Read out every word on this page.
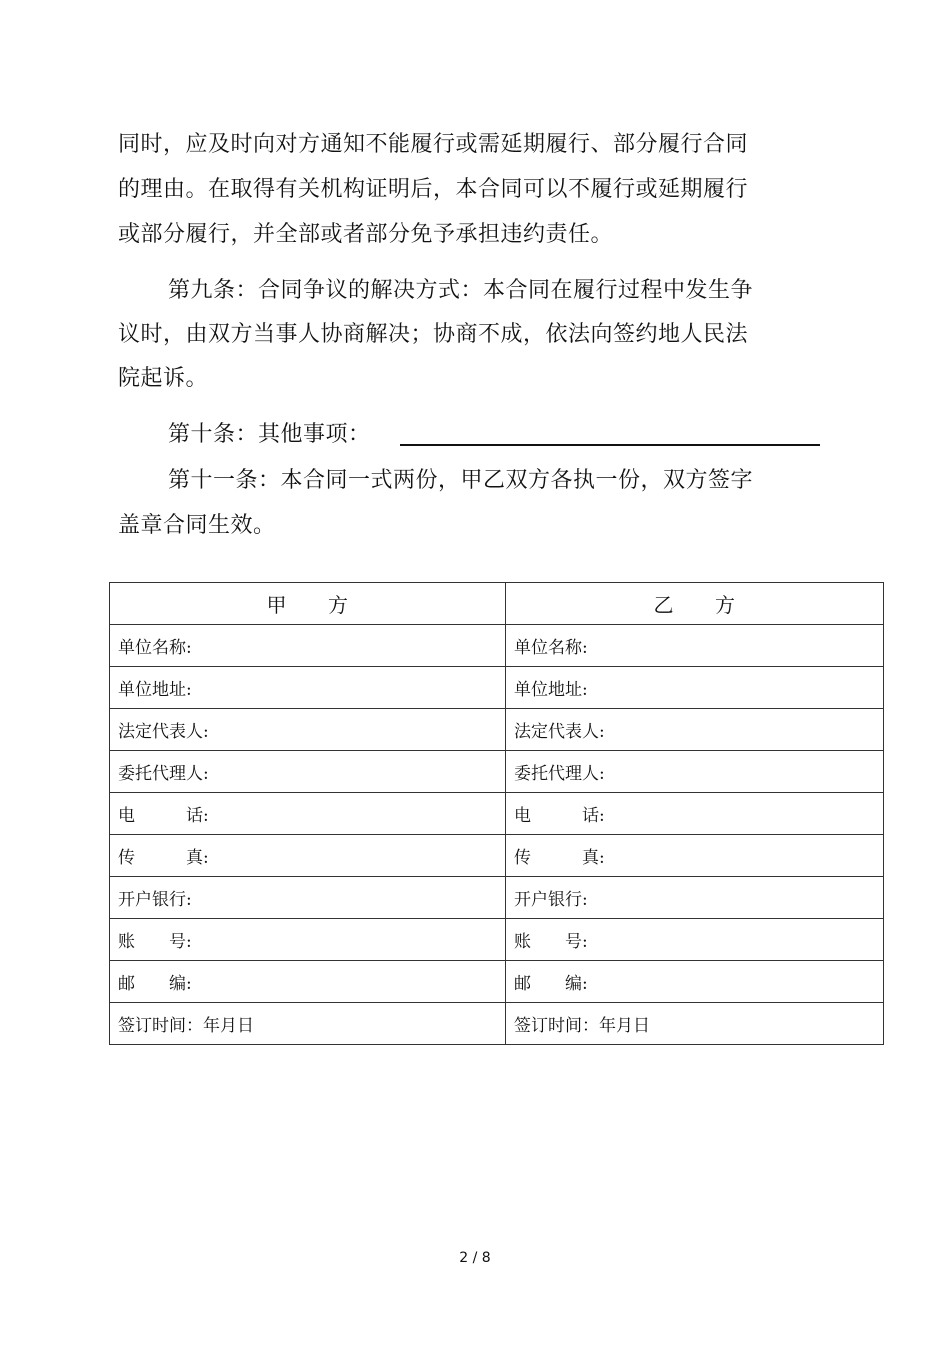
同时，应及时向对方通知不能履行或需延期履行、部分履行合同
的理由。在取得有关机构证明后，本合同可以不履行或延期履行
或部分履行，并全部或者部分免予承担违约责任。
第九条：合同争议的解决方式：本合同在履行过程中发生争
议时，由双方当事人协商解决；协商不成，依法向签约地人民法
院起诉。
第十条：其他事项：
第十一条：本合同一式两份，甲乙双方各执一份，双方签字
盖章合同生效。
甲　　方	乙　　方
单位名称:	单位名称:
单位地址:	单位地址:
法定代表人:	法定代表人:
委托代理人:	委托代理人:
电　　　话:	电　　　话:
传　　　真:	传　　　真:
开户银行:	开户银行:
账　　号:	账　　号:
邮　　编:	邮　　编:
签订时间：年月日	签订时间：年月日
2 / 8
